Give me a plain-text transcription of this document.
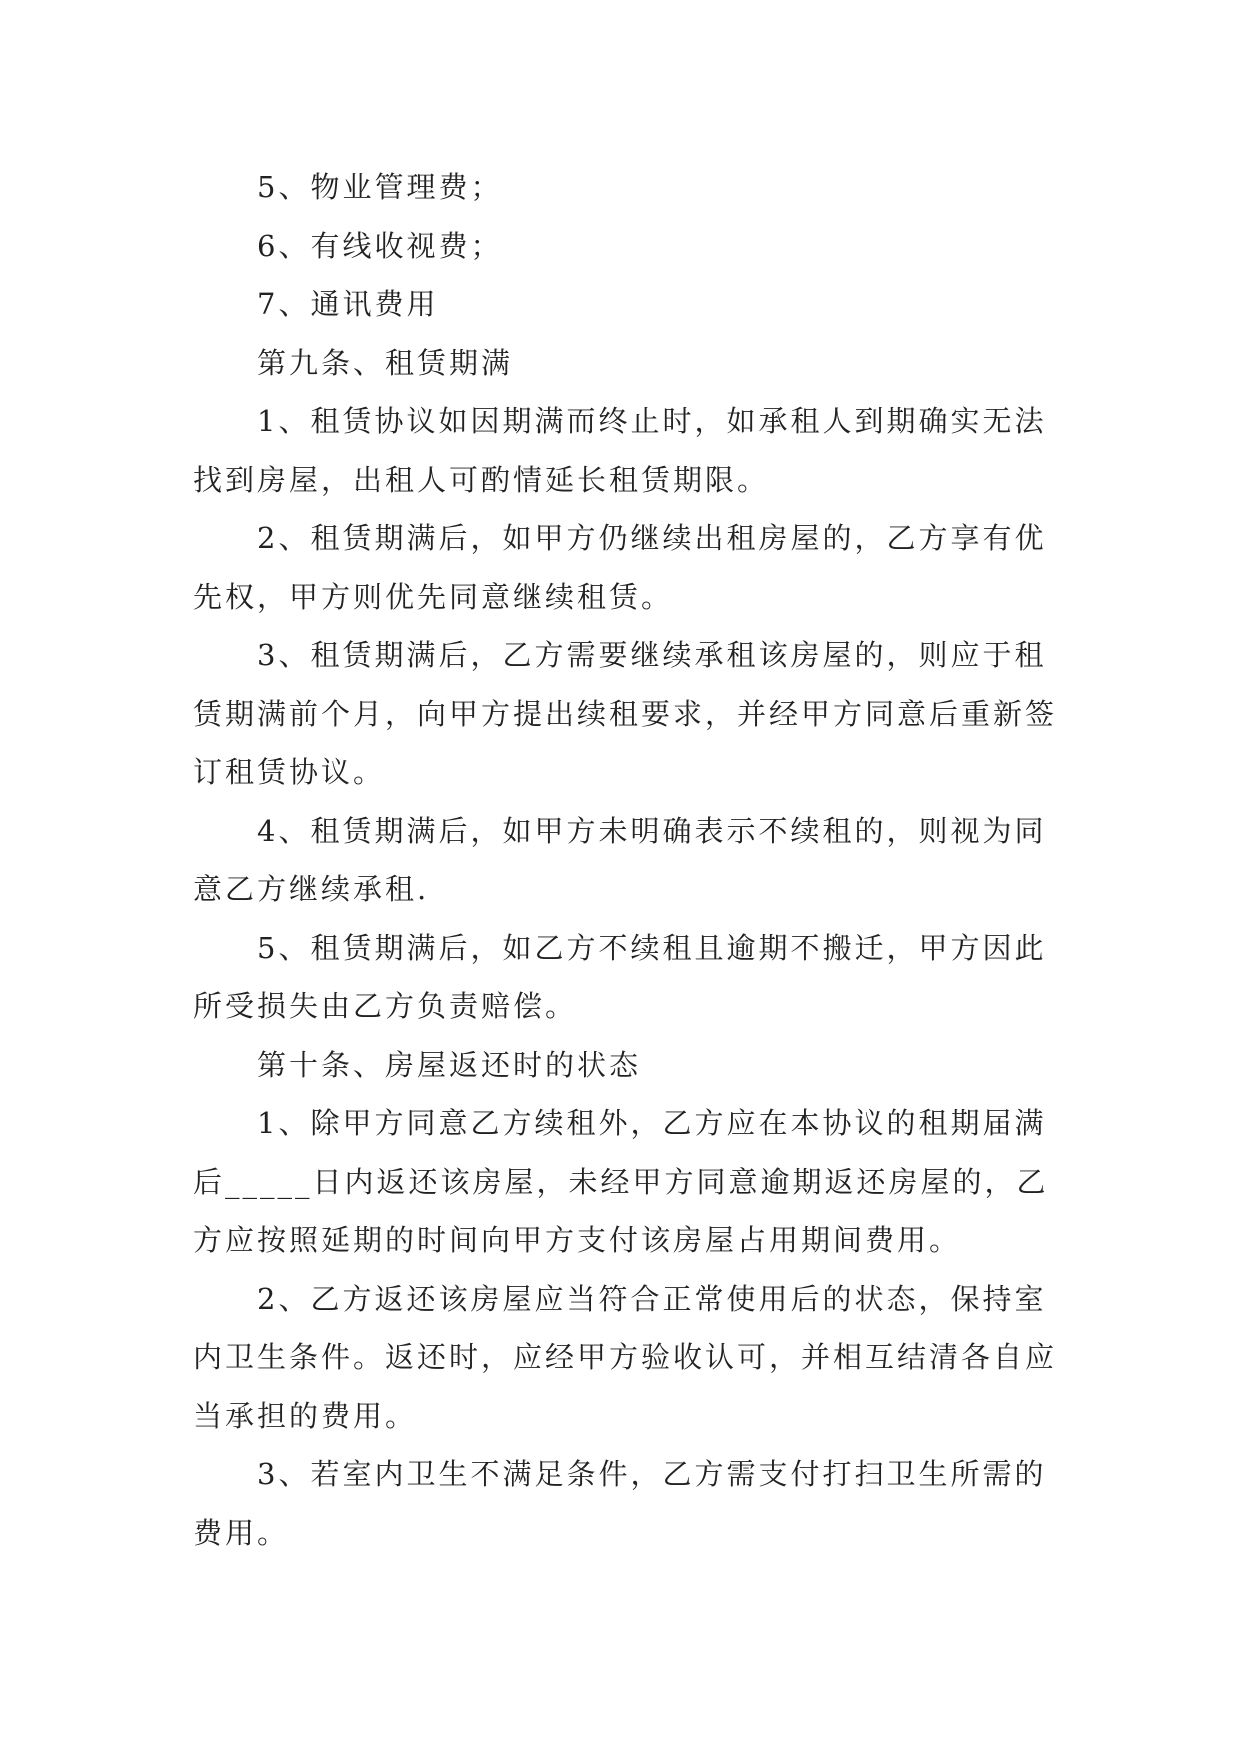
5、物业管理费；

6、有线收视费；

7、通讯费用

第九条、租赁期满

1、租赁协议如因期满而终止时，如承租人到期确实无法找到房屋，出租人可酌情延长租赁期限。

2、租赁期满后，如甲方仍继续出租房屋的，乙方享有优先权，甲方则优先同意继续租赁。

3、租赁期满后，乙方需要继续承租该房屋的，则应于租赁期满前个月，向甲方提出续租要求，并经甲方同意后重新签订租赁协议。

4、租赁期满后，如甲方未明确表示不续租的，则视为同意乙方继续承租.

5、租赁期满后，如乙方不续租且逾期不搬迁，甲方因此所受损失由乙方负责赔偿。

第十条、房屋返还时的状态

1、除甲方同意乙方续租外，乙方应在本协议的租期届满后_____日内返还该房屋，未经甲方同意逾期返还房屋的，乙方应按照延期的时间向甲方支付该房屋占用期间费用。

2、乙方返还该房屋应当符合正常使用后的状态，保持室内卫生条件。返还时，应经甲方验收认可，并相互结清各自应当承担的费用。

3、若室内卫生不满足条件，乙方需支付打扫卫生所需的费用。
